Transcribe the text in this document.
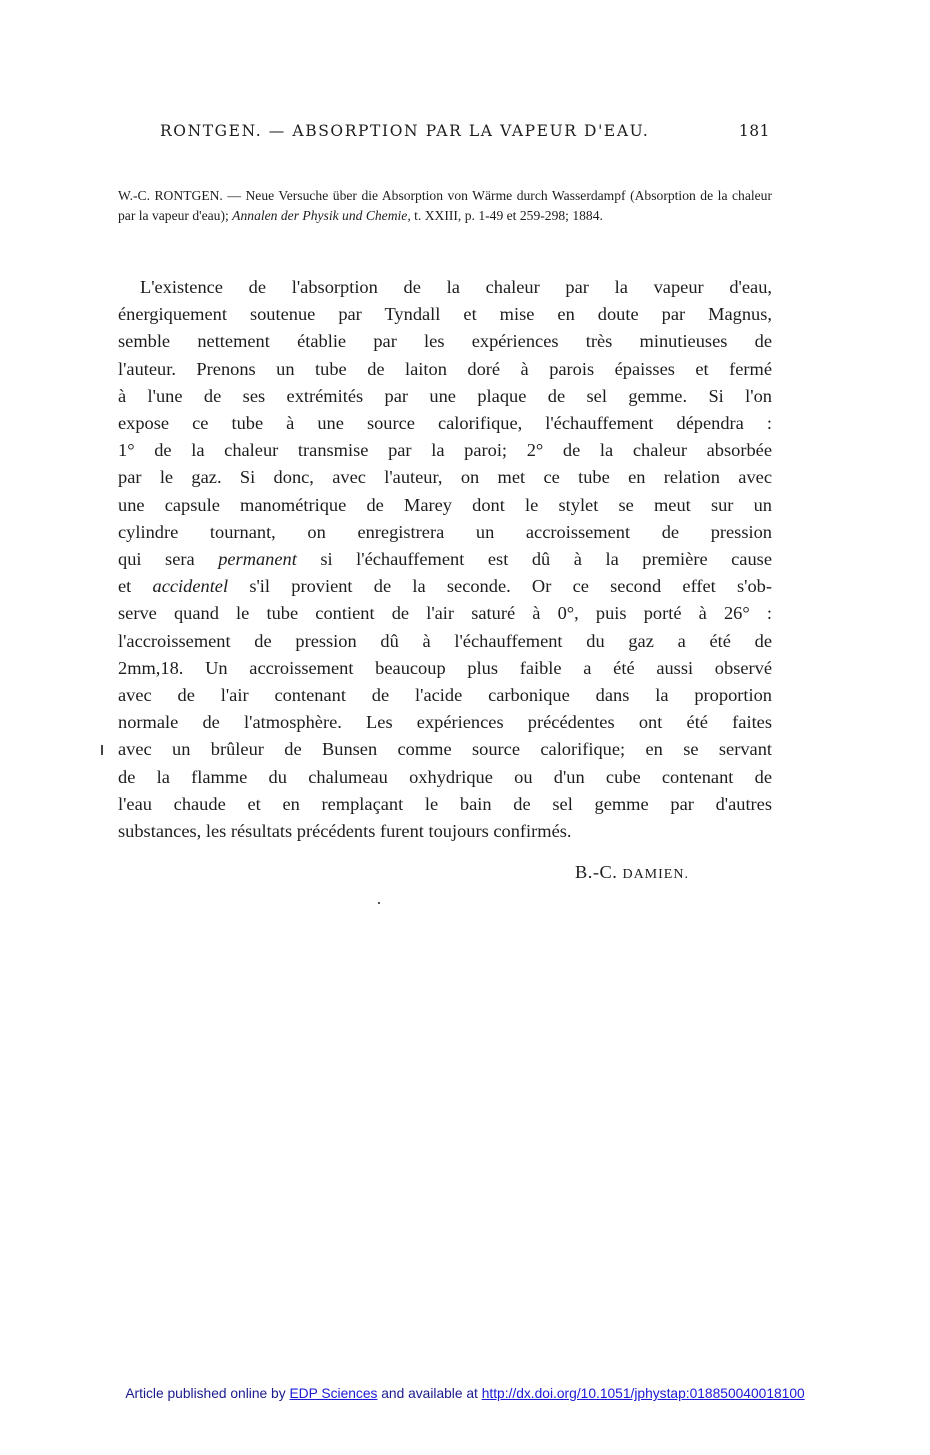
RONTGEN. — ABSORPTION PAR LA VAPEUR D'EAU.	181
W.-C. RONTGEN. — Neue Versuche über die Absorption von Wärme durch Wasserdampf (Absorption de la chaleur par la vapeur d'eau); Annalen der Physik und Chemie, t. XXIII, p. 1-49 et 259-298; 1884.
L'existence de l'absorption de la chaleur par la vapeur d'eau,
énergiquement soutenue par Tyndall et mise en doute par Magnus,
semble nettement établie par les expériences très minutieuses de
l'auteur. Prenons un tube de laiton doré à parois épaisses et fermé
à l'une de ses extrémités par une plaque de sel gemme. Si l'on
expose ce tube à une source calorifique, l'échauffement dépendra :
1° de la chaleur transmise par la paroi; 2° de la chaleur absorbée
par le gaz. Si donc, avec l'auteur, on met ce tube en relation avec
une capsule manométrique de Marey dont le stylet se meut sur un
cylindre tournant, on enregistrera un accroissement de pression
qui sera permanent si l'échauffement est dû à la première cause
et accidentel s'il provient de la seconde. Or ce second effet s'ob-
serve quand le tube contient de l'air saturé à 0°, puis porté à 26° :
l'accroissement de pression dû à l'échauffement du gaz a été de
2mm,18. Un accroissement beaucoup plus faible a été aussi observé
avec de l'air contenant de l'acide carbonique dans la proportion
normale de l'atmosphère. Les expériences précédentes ont été faites
avec un brûleur de Bunsen comme source calorifique; en se servant
de la flamme du chalumeau oxhydrique ou d'un cube contenant de
l'eau chaude et en remplaçant le bain de sel gemme par d'autres
substances, les résultats précédents furent toujours confirmés.
B.-C. DAMIEN.
Article published online by EDP Sciences and available at http://dx.doi.org/10.1051/jphystap:018850040018100
